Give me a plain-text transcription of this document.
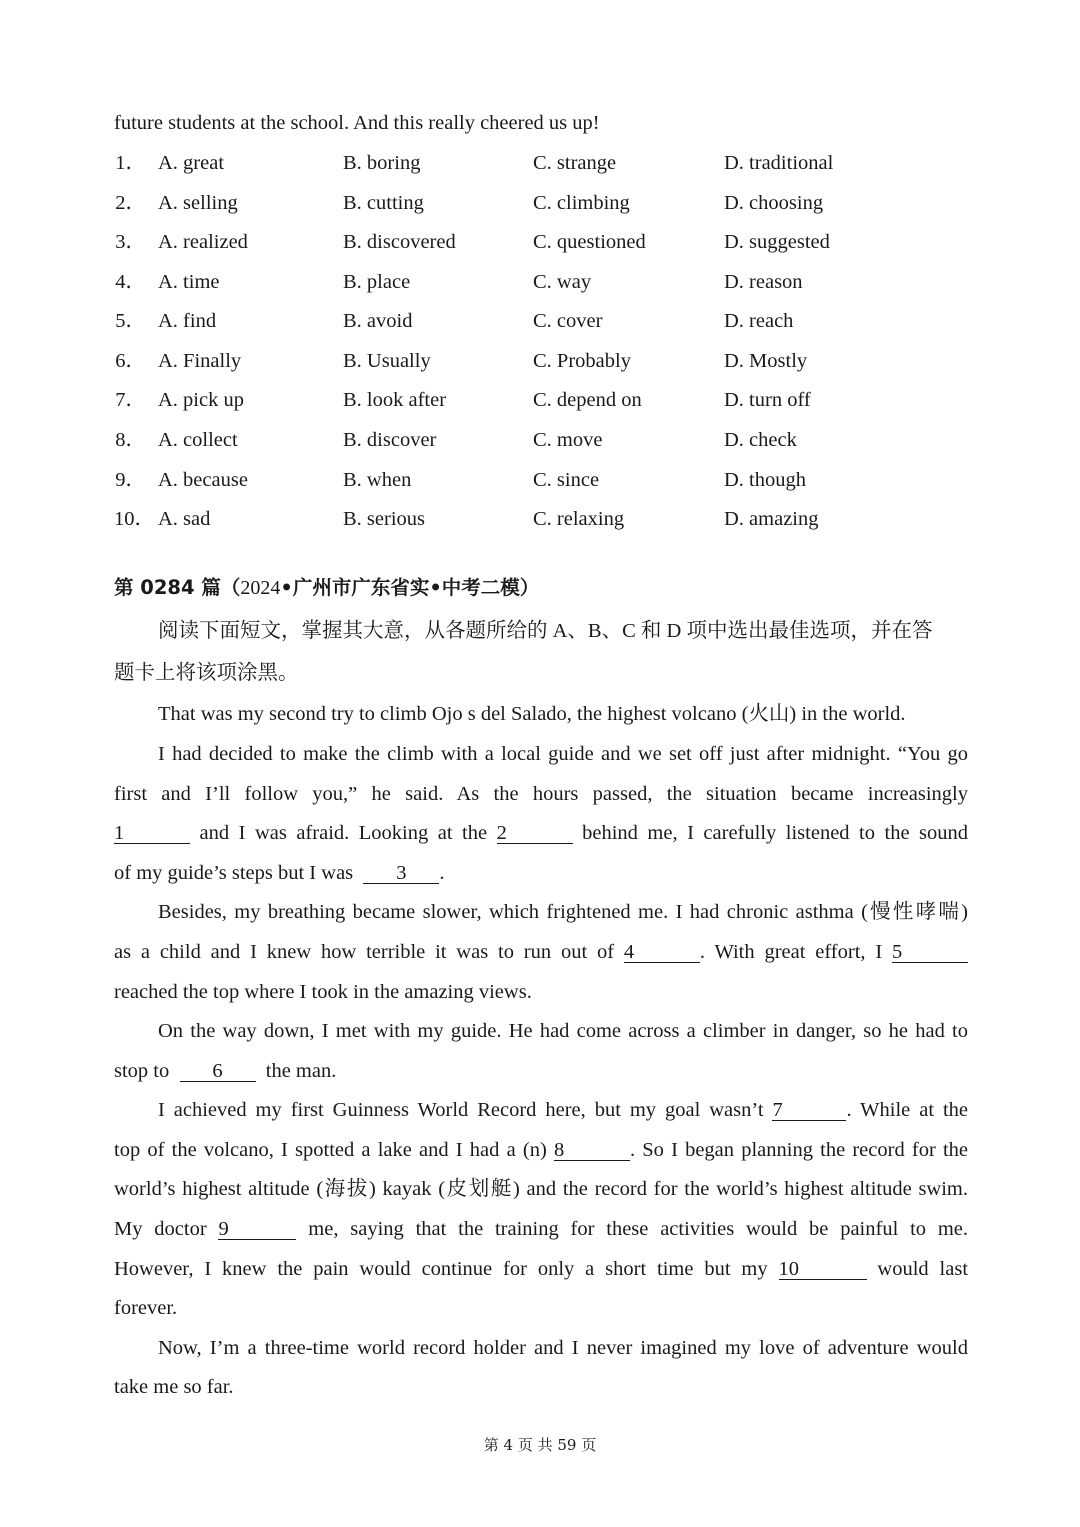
future students at the school. And this really cheered us up!
1． A. great	B. boring	C. strange	D. traditional
2． A. selling	B. cutting	C. climbing	D. choosing
3． A. realized	B. discovered	C. questioned	D. suggested
4． A. time	B. place	C. way	D. reason
5． A. find	B. avoid	C. cover	D. reach
6． A. Finally	B. Usually	C. Probably	D. Mostly
7． A. pick up	B. look after	C. depend on	D. turn off
8． A. collect	B. discover	C. move	D. check
9． A. because	B. when	C. since	D. though
10． A. sad	B. serious	C. relaxing	D. amazing
第 0284 篇（2024•广州市广东省实•中考二模）
阅读下面短文，掌握其大意，从各题所给的 A、B、C 和 D 项中选出最佳选项，并在答
题卡上将该项涂黑。
That was my second try to climb Ojo s del Salado, the highest volcano (火山) in the world.
I had decided to make the climb with a local guide and we set off just after midnight. “You go
first and I’ll follow you,” he said. As the hours passed, the situation became increasingly
1	and I was afraid. Looking at the 2	behind me, I carefully listened to the sound
of my guide’s steps but I was 3 .
Besides, my breathing became slower, which frightened me. I had chronic asthma (慢性哮喘)
as a child and I knew how terrible it was to run out of 4	. With great effort, I 5
reached the top where I took in the amazing views.
On the way down, I met with my guide. He had come across a climber in danger, so he had to
stop to 6 the man.
I achieved my first Guinness World Record here, but my goal wasn’t 7	. While at the
top of the volcano, I spotted a lake and I had a (n) 8	. So I began planning the record for the
world’s highest altitude (海拔) kayak (皮划艇) and the record for the world’s highest altitude swim.
My doctor 9	me, saying that the training for these activities would be painful to me.
However, I knew the pain would continue for only a short time but my 10	would last
forever.
Now, I’m a three-time world record holder and I never imagined my love of adventure would
take me so far.
第 4 页 共 59 页
